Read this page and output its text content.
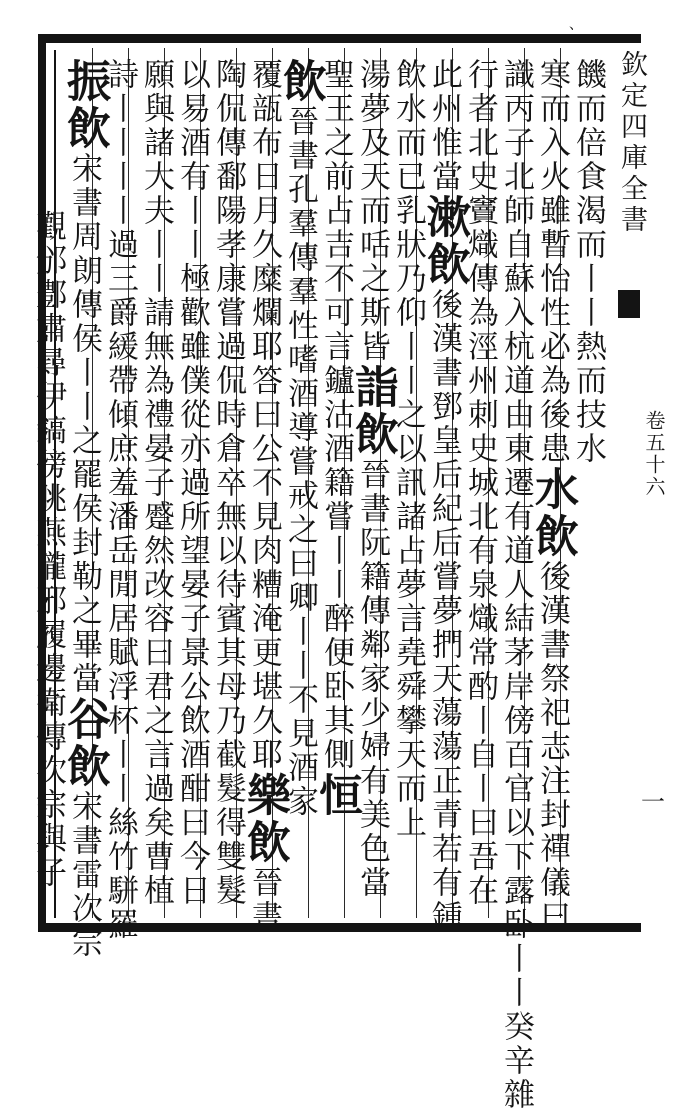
、
欽定四庫全書
卷五十六
一
饑而倍食渴而丨丨熱而技水
寒而入火雖暫怡性必為後患水飲後漢書祭祀志注封禪儀曰
識丙子北師自蘇入杭道由東遷有道人結茅岸傍百官以下露卧丨丨癸辛雜
行者北史竇熾傳為涇州刺史城北有泉熾常酌丨自丨曰吾在
此州惟當漱飲後漢書鄧皇后紀后嘗夢捫天蕩蕩正青若有鍾
飲水而已乳狀乃仰丨丨之以訊諸占夢言堯舜攀天而上
湯夢及天而咶之斯皆詣飲晉書阮籍傳鄰家少婦有美色當
聖王之前占吉不可言鑪沽酒籍嘗丨丨醉便卧其側恒
飲晉書孔羣傳羣性嗜酒導嘗戒之曰卿丨丨不見酒家
覆瓿布日月久糜爛耶答曰公不見肉糟淹更堪久耶樂飲晉書
陶侃傳鄱陽孝康嘗過侃時倉卒無以待賓其母乃截髮得雙髮
以易酒有丨丨極歡雖僕從亦過所望晏子景公飲酒酣曰今日
願與諸大夫丨丨請無為禮晏子蹙然改容曰君之言過矣曹植
詩丨丨丨丨過三爵緩帶傾庶羞潘岳閒居賦浮杯丨丨絲竹駢羅
振飲宋書周朗傳侯丨丨之罷侯封勒之畢當谷飲宋書雷次宗
觀邠鄷肅尋伊鎬傍眺燕隴邪履邊衛傳次宗與子
